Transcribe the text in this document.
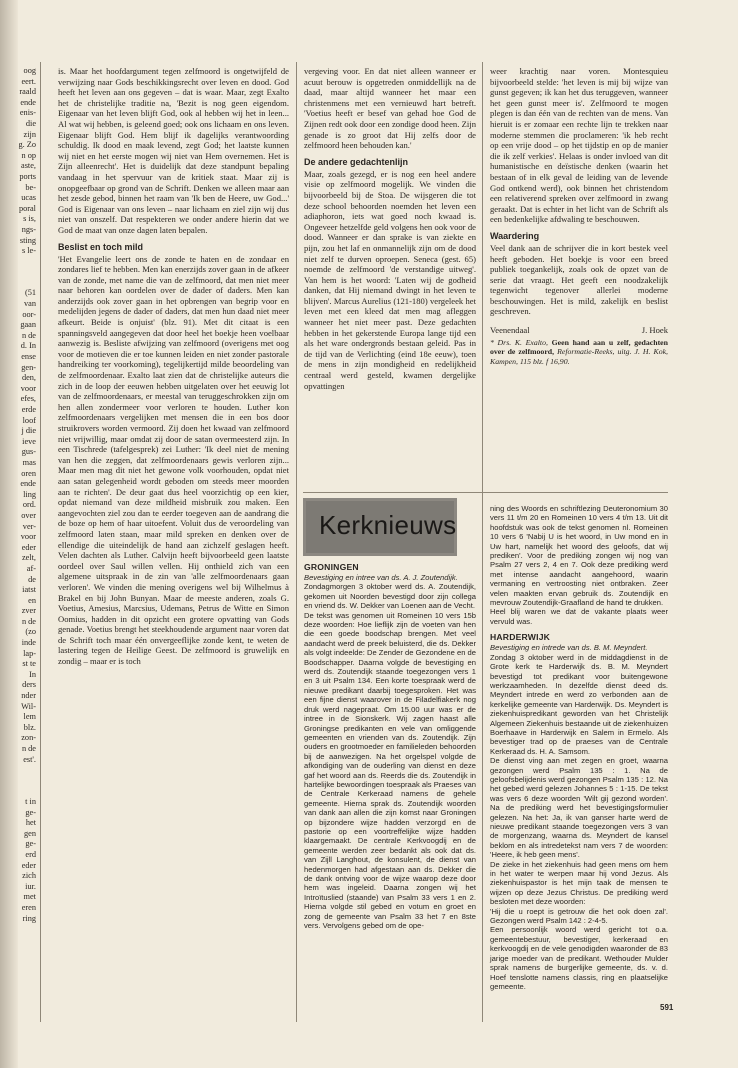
oog
eert.
raald
ende
enis-
die
zijn
g. Zo
n op
aste,
ports
be-
ucas
poral
s is,
ngs-
sting
s le-
(51
van
oor-
gaan
n de
d. In
ense
gen-
den,
voor
efes,
erde
loof
j die
ieve
gus-
mas
oren
ende
ling
ord.
over
ver-
voor
eder
zelt,
af-
de
iatst
en
zver
n de
(zo
inde
lap-
st te
In
ders
nder
Wil-
lem
blz.
zon-
n de
est'.
t in
ge-
het
gen
ge-
erd
eder
zich
iur.
met
eren
ring

is. Maar het hoofdargument tegen zelfmoord is ongetwijfeld de verwijzing naar Gods beschikkingsrecht over leven en dood. God heeft het leven aan ons gegeven – dat is waar. Maar, zegt Exalto het de christelijke traditie na, 'Bezit is nog geen eigendom. Eigenaar van het leven blijft God, ook al hebben wij het in leen... Al wat wij hebben, is geleend goed; ook ons lichaam en ons leven. Eigenaar blijft God. Hem blijf ik dagelijks verantwoording schuldig. Ik dood en maak levend, zegt God; het laatste kunnen wij niet en het eerste mogen wij niet van Hem overnemen. Het is Zijn alleenrecht'. Het is duidelijk dat deze standpunt bepaling vandaag in het spervuur van de kritiek staat. Maar zij is onopgeefbaar op grond van de Schrift. Denken we alleen maar aan het zesde gebod, binnen het raam van 'Ik ben de Heere, uw God...' God is Eigenaar van ons leven – naar lichaam en ziel zijn wij dus niet van onszelf. Dat respekteren we onder andere hierin dat we God de maat van onze dagen laten bepalen.

Beslist en toch mild

'Het Evangelie leert ons de zonde te haten en de zondaar en zondares lief te hebben. Men kan enerzijds zover gaan in de afkeer van de zonde, met name die van de zelfmoord, dat men niet meer naar behoren kan oordelen over de dader of daders. Men kan anderzijds ook zover gaan in het opbrengen van begrip voor en medelijden jegens de dader of daders, dat men hun daad niet meer afkeurt. Beide is onjuist' (blz. 91). Met dit citaat is een spanningsveld aangegeven dat door heel het boekje heen voelbaar aanwezig is. Besliste afwijzing van zelfmoord (overigens met oog voor de motieven die er toe kunnen leiden en niet zonder pastorale handreiking ter voorkoming), tegelijkertijd milde beoordeling van de zelfmoordenaar. Exalto laat zien dat de christelijke auteurs die zich in de loop der eeuwen hebben uitgelaten over het eeuwig lot van de zelfmoordenaars, er meestal van teruggeschrokken zijn om hen allen zondermeer voor verloren te houden. Luther kon zelfmoordenaars vergelijken met mensen die in een bos door struikrovers worden vermoord. Zij doen het kwaad van zelfmoord niet vrijwillig, maar omdat zij door de satan overmeesterd zijn. In een Tischrede (tafelgesprek) zei Luther: 'Ik deel niet de mening van hen die zeggen, dat zelfmoordenaars gewis verloren zijn... Maar men mag dit niet het gewone volk voorhouden, opdat niet aan satan gelegenheid wordt geboden om steeds meer moorden aan te richten'. De deur gaat dus heel voorzichtig op een kier, opdat niemand van deze mildheid misbruik zou maken. Een aangevochten ziel zou dan te eerder toegeven aan de aandrang die de boze op hem of haar uitoefent. Voluit dus de veroordeling van zelfmoord laten staan, maar mild spreken en denken over de ellendige die uiteindelijk de hand aan zichzelf geslagen heeft. Velen dachten als Luther. Calvijn heeft bijvoorbeeld geen laatste oordeel over Saul willen vellen. Hij onthield zich van een algemene uitspraak in de zin van 'alle zelfmoordenaars gaan verloren'. We vinden die mening overigens wel bij Wilhelmus à Brakel en bij John Bunyan. Maar de meeste anderen, zoals G. Voetius, Amesius, Marcsius, Udemans, Petrus de Witte en Simon Oomius, hadden in dit opzicht een grotere opvatting van Gods genade. Voetius brengt het steekhoudende argument naar voren dat de Schrift toch maar één onvergeeflijke zonde kent, te weten de lastering tegen de Heilige Geest. De zelfmoord is gruwelijk en zondig – maar er is toch

vergeving voor. En dat niet alleen wanneer er acuut berouw is opgetreden onmiddellijk na de daad, maar altijd wanneer het maar een christenmens met een vernieuwd hart betreft. 'Voetius heeft er besef van gehad hoe God de Zijnen redt ook door een zondige dood heen. Zijn genade is zo groot dat Hij zelfs door de zelfmoord heen behouden kan.'

De andere gedachtenlijn

Maar, zoals gezegd, er is nog een heel andere visie op zelfmoord mogelijk. We vinden die bijvoorbeeld bij de Stoa. De wijsgeren die tot deze school behoorden noemden het leven een adiaphoron, iets wat goed noch kwaad is. Ongeveer hetzelfde geld volgens hen ook voor de dood. Wanneer er dan sprake is van ziekte en pijn, zou het laf en onmannelijk zijn om de dood niet zelf te durven oproepen. Seneca (gest. 65) noemde de zelfmoord 'de verstandige uitweg'. Van hem is het woord: 'Laten wij de godheid danken, dat Hij niemand dwingt in het leven te blijven'. Marcus Aurelius (121-180) vergeleek het leven met een kleed dat men mag afleggen wanneer het niet meer past. Deze gedachten hebben in het gekerstende Europa lange tijd een als het ware ondergronds bestaan geleid. Pas in de tijd van de Verlichting (eind 18e eeuw), toen de mens in zijn mondigheid en redelijkheid centraal werd gesteld, kwamen dergelijke opvattingen

weer krachtig naar voren. Montesquieu bijvoorbeeld stelde: 'het leven is mij bij wijze van gunst gegeven; ik kan het dus teruggeven, wanneer het geen gunst meer is'. Zelfmoord te mogen plegen is dan één van de rechten van de mens. Van hieruit is er zomaar een rechte lijn te trekken naar moderne stemmen die proclameren: 'ik heb recht op een vrije dood – op het tijdstip en op de manier die ik zelf verkies'. Helaas is onder invloed van dit humanistische en deïstische denken (waarin het bestaan of in elk geval de leiding van de levende God ontkend werd), ook binnen het christendom een relativerend spreken over zelfmoord in zwang geraakt. Dat is echter in het licht van de Schrift als een bedenkelijke afdwaling te beschouwen.

Waardering

Veel dank aan de schrijver die in kort bestek veel heeft geboden. Het boekje is voor een breed publiek toegankelijk, zoals ook de opzet van de serie dat vraagt. Het geeft een noodzakelijk tegenwicht tegenover allerlei moderne beschouwingen. Het is mild, zakelijk en beslist geschreven.

Veenendaal	J. Hoek
* Drs. K. Exalto, Geen hand aan u zelf, gedachten over de zelfmoord, Reformatie-Reeks, uitg. J. H. Kok, Kampen, 115 blz. f 16,90.
Kerknieuws
GRONINGEN

Bevestiging en intree van ds. A. J. Zoutendijk.

Zondagmorgen 3 oktober werd ds. A. Zoutendijk, gekomen uit Noorden bevestigd door zijn collega en vriend ds. W. Dekker van Loenen aan de Vecht.

De tekst was genomen uit Romeinen 10 vers 15b deze woorden: Hoe lieflijk zijn de voeten van hen die een goede boodschap brengen. Met veel aandacht werd de preek beluisterd, die ds. Dekker als volgt indeelde: De Zender de Gezondene en de Boodschapper. Daarna volgde de bevestiging en werd ds. Zoutendijk staande toegezongen vers 1 en 3 uit Psalm 134. Een korte toespraak werd de nieuwe predikant daarbij toegesproken. Het was een fijne dienst waarover in de Filadelfiakerk nog druk werd nagepraat. Om 15.00 uur was er de intree in de Sionskerk. Wij zagen haast alle Groningse predikanten en vele van omliggende gemeenten en vrienden van ds. Zoutendijk. Zijn ouders en grootmoeder en familieleden behoorden bij de aanwezigen. Na het orgelspel volgde de afkondiging van de ouderling van dienst en deze gaf het woord aan ds. Reerds die ds. Zoutendijk in hartelijke bewoordingen toespraak als Praeses van de Centrale Kerkeraad namens de gehele gemeente. Hierna sprak ds. Zoutendijk woorden van dank aan allen die zijn komst naar Groningen op bijzondere wijze hadden verzorgd en de pastorie op een voortreffelijke wijze hadden klaargemaakt. De centrale Kerkvoogdij en de gemeente werden zeer bedankt als ook dat ds. van Zijll Langhout, de konsulent, de dienst van hedenmorgen had afgestaan aan ds. Dekker die de dank ontving voor de wijze waarop deze door hem was ingeleid. Daarna zongen wij het Introïtuslied (staande) van Psalm 33 vers 1 en 2. Hierna volgde stil gebed en votum en groet en zong de gemeente van Psalm 33 het 7 en 8ste vers. Vervolgens gebed om de ope-

ning des Woords en schriftlezing Deuteronomium 30 vers 11 t/m 20 en Romeinen 10 vers 4 t/m 13. Uit dit hoofdstuk was ook de tekst genomen nl. Romeinen 10 vers 6 'Nabij U is het woord, in Uw mond en in Uw hart, namelijk het woord des geloofs, dat wij prediken'. Voor de prediking zongen wij nog van Psalm 27 vers 2, 4 en 7. Ook deze prediking werd met intense aandacht aangehoord, waarin vermaning en vertroosting niet ontbraken. Zeer velen maakten ervan gebruik ds. Zoutendijk en mevrouw Zoutendijk-Graafland de hand te drukken.

Heel blij waren we dat de vakante plaats weer vervuld was.

HARDERWIJK

Bevestiging en intrede van ds. B. M. Meyndert.

Zondag 3 oktober werd in de middagdienst in de Grote kerk te Harderwijk ds. B. M. Meyndert bevestigd tot predikant voor buitengewone werkzaamheden. In dezelfde dienst deed ds. Meyndert intrede en werd zo verbonden aan de kerkelijke gemeente van Harderwijk. Ds. Meyndert is ziekenhuispredikant geworden van het Christelijk Algemeen Ziekenhuis bestaande uit de ziekenhuizen Boerhaave in Harderwijk en Salem in Ermelo. Als bevestiger trad op de praeses van de Centrale Kerkeraad ds. H. A. Samsom.

De dienst ving aan met zegen en groet, waarna gezongen werd Psalm 135 : 1. Na de geloofsbelijdenis werd gezongen Psalm 135 : 12. Na het gebed werd gelezen Johannes 5 : 1-15. De tekst was vers 6 deze woorden 'Wilt gij gezond worden'. Na de prediking werd het bevestigingsformulier gelezen. Na het: Ja, ik van ganser harte werd de nieuwe predikant staande toegezongen vers 3 van de morgenzang, waarna ds. Meyndert de kansel beklom en als intredetekst nam vers 7 de woorden: 'Heere, ik heb geen mens'.

De zieke in het ziekenhuis had geen mens om hem in het water te werpen maar hij vond Jezus. Als ziekenhuispastor is het mijn taak de mensen te wijzen op deze Jezus Christus. De prediking werd besloten met deze woorden:

'Hij die u roept is getrouw die het ook doen zal'. Gezongen werd Psalm 142 : 2-4-5.

Een persoonlijk woord werd gericht tot o.a. gemeentebestuur, bevestiger, kerkeraad en kerkvoogdij en de vele genodigden waaronder de 83 jarige moeder van de predikant. Wethouder Mulder sprak namens de burgerlijke gemeente, ds. v. d. Hoef tenslotte namens classis, ring en plaatselijke gemeente.

591
